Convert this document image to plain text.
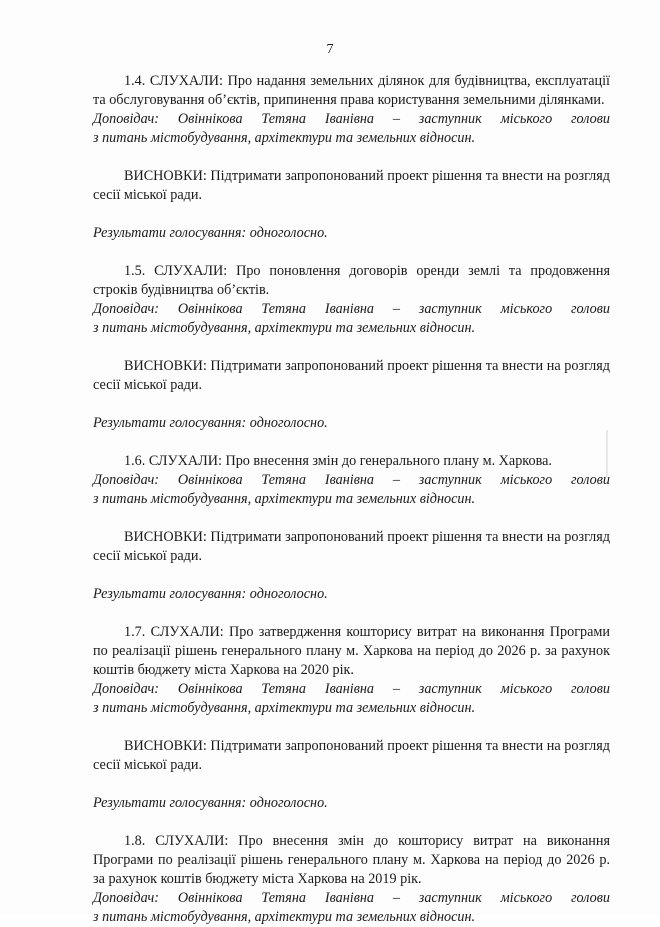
7

1.4. СЛУХАЛИ: Про надання земельних ділянок для будівництва, експлуатації та обслуговування об’єктів, припинення права користування земельними ділянками.

Доповідач: Овіннікова Тетяна Іванівна – заступник міського голови
з питань містобудування, архітектури та земельних відносин.

ВИСНОВКИ: Підтримати запропонований проект рішення та внести на розгляд сесії міської ради.

Результати голосування: одноголосно.

1.5. СЛУХАЛИ: Про поновлення договорів оренди землі та продовження строків будівництва об’єктів.

Доповідач: Овіннікова Тетяна Іванівна – заступник міського голови
з питань містобудування, архітектури та земельних відносин.

ВИСНОВКИ: Підтримати запропонований проект рішення та внести на розгляд сесії міської ради.

Результати голосування: одноголосно.

1.6. СЛУХАЛИ: Про внесення змін до генерального плану м. Харкова.

Доповідач: Овіннікова Тетяна Іванівна – заступник міського голови
з питань містобудування, архітектури та земельних відносин.

ВИСНОВКИ: Підтримати запропонований проект рішення та внести на розгляд сесії міської ради.

Результати голосування: одноголосно.

1.7. СЛУХАЛИ: Про затвердження кошторису витрат на виконання Програми по реалізації рішень генерального плану м. Харкова на період до 2026 р. за рахунок коштів бюджету міста Харкова на 2020 рік.

Доповідач: Овіннікова Тетяна Іванівна – заступник міського голови
з питань містобудування, архітектури та земельних відносин.

ВИСНОВКИ: Підтримати запропонований проект рішення та внести на розгляд сесії міської ради.

Результати голосування: одноголосно.

1.8. СЛУХАЛИ: Про внесення змін до кошторису витрат на виконання Програми по реалізації рішень генерального плану м. Харкова на період до 2026 р. за рахунок коштів бюджету міста Харкова на 2019 рік.

Доповідач: Овіннікова Тетяна Іванівна – заступник міського голови
з питань містобудування, архітектури та земельних відносин.
